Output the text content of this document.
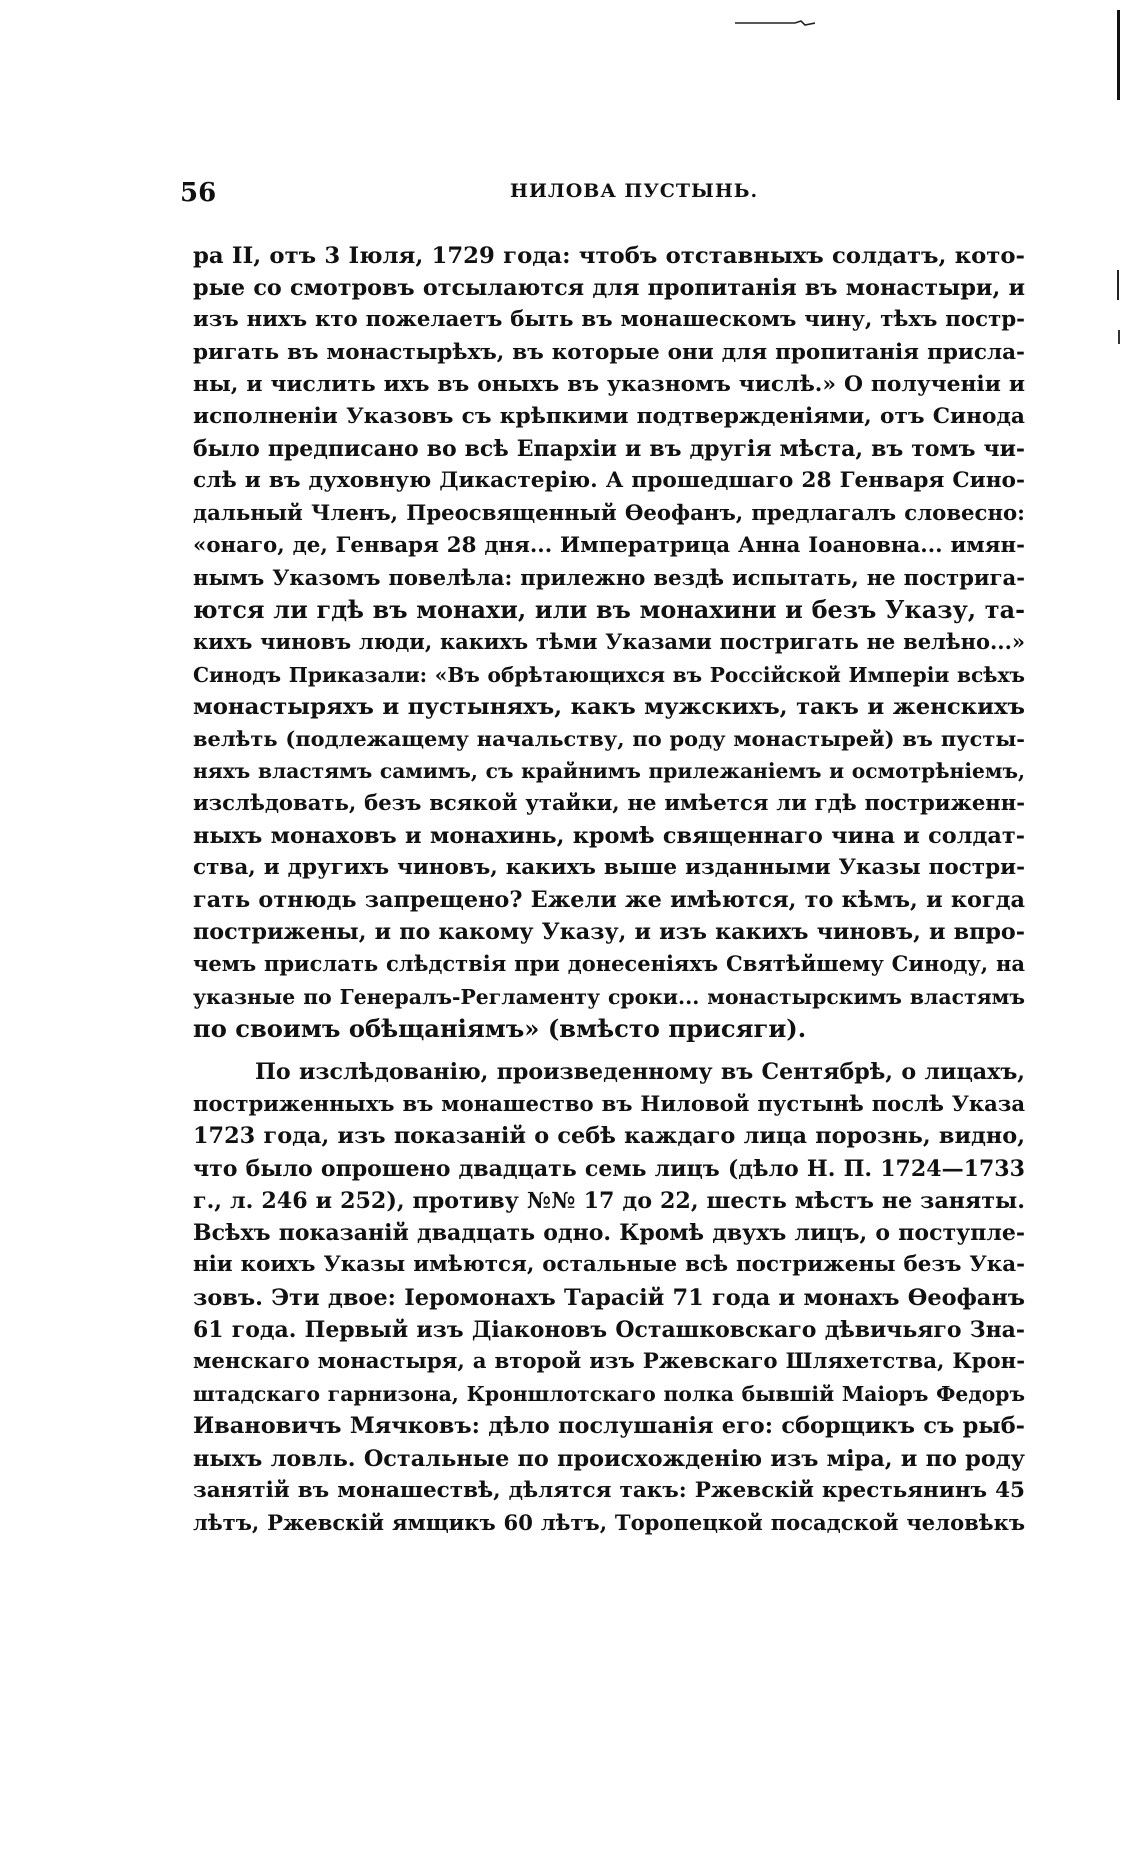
56	НИЛОВА ПУСТЫНЬ.
ра II, отъ 3 Іюля, 1729 года: чтобъ отставныхъ солдатъ, кото-
рые со смотровъ отсылаются для пропитанія въ монастыри, и
изъ нихъ кто пожелаетъ быть въ монашескомъ чину, тѣхъ постр-
ригать въ монастырѣхъ, въ которые они для пропитанія присла-
ны, и числить ихъ въ оныхъ въ указномъ числѣ.» О полученіи и
исполненіи Указовъ съ крѣпкими подтвержденіями, отъ Синода
было предписано во всѣ Епархіи и въ другія мѣста, въ томъ чи-
слѣ и въ духовную Дикастерію. А прошедшаго 28 Генваря Сино-
дальный Членъ, Преосвященный Ѳеофанъ, предлагалъ словесно:
«онаго, де, Генваря 28 дня... Императрица Анна Іоановна... имян-
нымъ Указомъ повелѣла: прилежно вездѣ испытать, не пострига-
ются ли гдѣ въ монахи, или въ монахини и безъ Указу, та-
кихъ чиновъ люди, какихъ тѣми Указами постригать не велѣно...»
Синодъ Приказали: «Въ обрѣтающихся въ Россійской Имперіи всѣхъ
монастыряхъ и пустыняхъ, какъ мужскихъ, такъ и женскихъ
велѣть (подлежащему начальству, по роду монастырей) въ пусты-
няхъ властямъ самимъ, съ крайнимъ прилежаніемъ и осмотрѣніемъ,
изслѣдовать, безъ всякой утайки, не имѣется ли гдѣ постриженн-
ныхъ монаховъ и монахинь, кромѣ священнаго чина и солдат-
ства, и другихъ чиновъ, какихъ выше изданными Указы постри-
гать отнюдь запрещено? Ежели же имѣются, то кѣмъ, и когда
пострижены, и по какому Указу, и изъ какихъ чиновъ, и впро-
чемъ прислать слѣдствія при донесеніяхъ Святѣйшему Синоду, на
указные по Генералъ-Регламенту сроки... монастырскимъ властямъ
по своимъ обѣщаніямъ» (вмѣсто присяги).
По изслѣдованію, произведенному въ Сентябрѣ, о лицахъ,
постриженныхъ въ монашество въ Ниловой пустынѣ послѣ Указа
1723 года, изъ показаній о себѣ каждаго лица порознь, видно,
что было опрошено двадцать семь лицъ (дѣло Н. П. 1724—1733
г., л. 246 и 252), противу №№ 17 до 22, шесть мѣстъ не заняты.
Всѣхъ показаній двадцать одно. Кромѣ двухъ лицъ, о поступле-
ніи коихъ Указы имѣются, остальные всѣ пострижены безъ Ука-
зовъ. Эти двое: Іеромонахъ Тарасій 71 года и монахъ Ѳеофанъ
61 года. Первый изъ Діаконовъ Осташковскаго дѣвичьяго Зна-
менскаго монастыря, а второй изъ Ржевскаго Шляхетства, Крон-
штадскаго гарнизона, Кроншлотскаго полка бывшій Маіоръ Федоръ
Ивановичъ Мячковъ: дѣло послушанія его: сборщикъ съ рыб-
ныхъ ловль. Остальные по происхожденію изъ міра, и по роду
занятій въ монашествѣ, дѣлятся такъ: Ржевскій крестьянинъ 45
лѣтъ, Ржевскій ямщикъ 60 лѣтъ, Торопецкой посадской человѣкъ
